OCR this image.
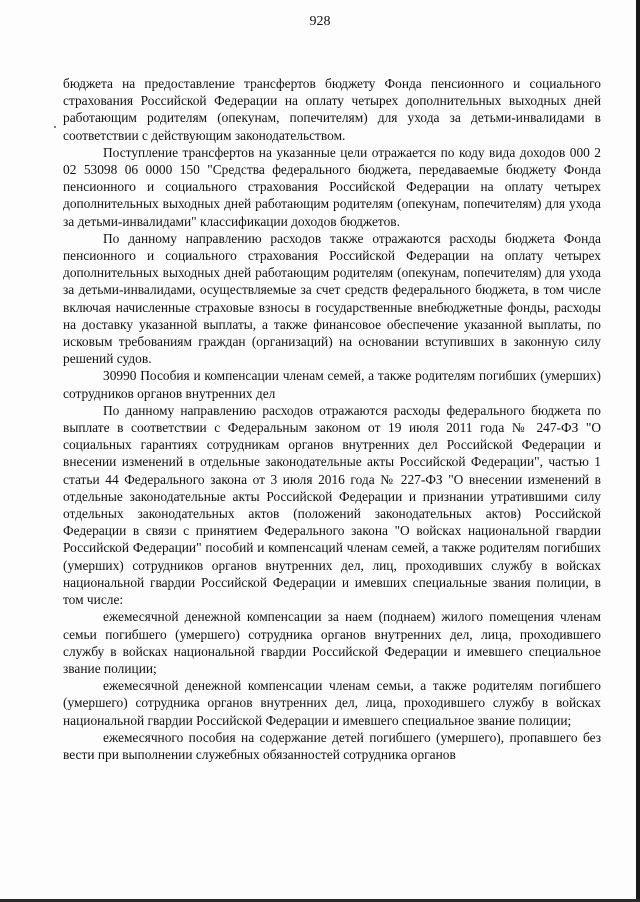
928

бюджета на предоставление трансфертов бюджету Фонда пенсионного и социального страхования Российской Федерации на оплату четырех дополнительных выходных дней работающим родителям (опекунам, попечителям) для ухода за детьми-инвалидами в соответствии с действующим законодательством.

Поступление трансфертов на указанные цели отражается по коду вида доходов 000 2 02 53098 06 0000 150 "Средства федерального бюджета, передаваемые бюджету Фонда пенсионного и социального страхования Российской Федерации на оплату четырех дополнительных выходных дней работающим родителям (опекунам, попечителям) для ухода за детьми-инвалидами" классификации доходов бюджетов.

По данному направлению расходов также отражаются расходы бюджета Фонда пенсионного и социального страхования Российской Федерации на оплату четырех дополнительных выходных дней работающим родителям (опекунам, попечителям) для ухода за детьми-инвалидами, осуществляемые за счет средств федерального бюджета, в том числе включая начисленные страховые взносы в государственные внебюджетные фонды, расходы на доставку указанной выплаты, а также финансовое обеспечение указанной выплаты, по исковым требованиям граждан (организаций) на основании вступивших в законную силу решений судов.

30990 Пособия и компенсации членам семей, а также родителям погибших (умерших) сотрудников органов внутренних дел

По данному направлению расходов отражаются расходы федерального бюджета по выплате в соответствии с Федеральным законом от 19 июля 2011 года № 247-ФЗ "О социальных гарантиях сотрудникам органов внутренних дел Российской Федерации и внесении изменений в отдельные законодательные акты Российской Федерации", частью 1 статьи 44 Федерального закона от 3 июля 2016 года № 227-ФЗ "О внесении изменений в отдельные законодательные акты Российской Федерации и признании утратившими силу отдельных законодательных актов (положений законодательных актов) Российской Федерации в связи с принятием Федерального закона "О войсках национальной гвардии Российской Федерации" пособий и компенсаций членам семей, а также родителям погибших (умерших) сотрудников органов внутренних дел, лиц, проходивших службу в войсках национальной гвардии Российской Федерации и имевших специальные звания полиции, в том числе:

ежемесячной денежной компенсации за наем (поднаем) жилого помещения членам семьи погибшего (умершего) сотрудника органов внутренних дел, лица, проходившего службу в войсках национальной гвардии Российской Федерации и имевшего специальное звание полиции;

ежемесячной денежной компенсации членам семьи, а также родителям погибшего (умершего) сотрудника органов внутренних дел, лица, проходившего службу в войсках национальной гвардии Российской Федерации и имевшего специальное звание полиции;

ежемесячного пособия на содержание детей погибшего (умершего), пропавшего без вести при выполнении служебных обязанностей сотрудника органов
